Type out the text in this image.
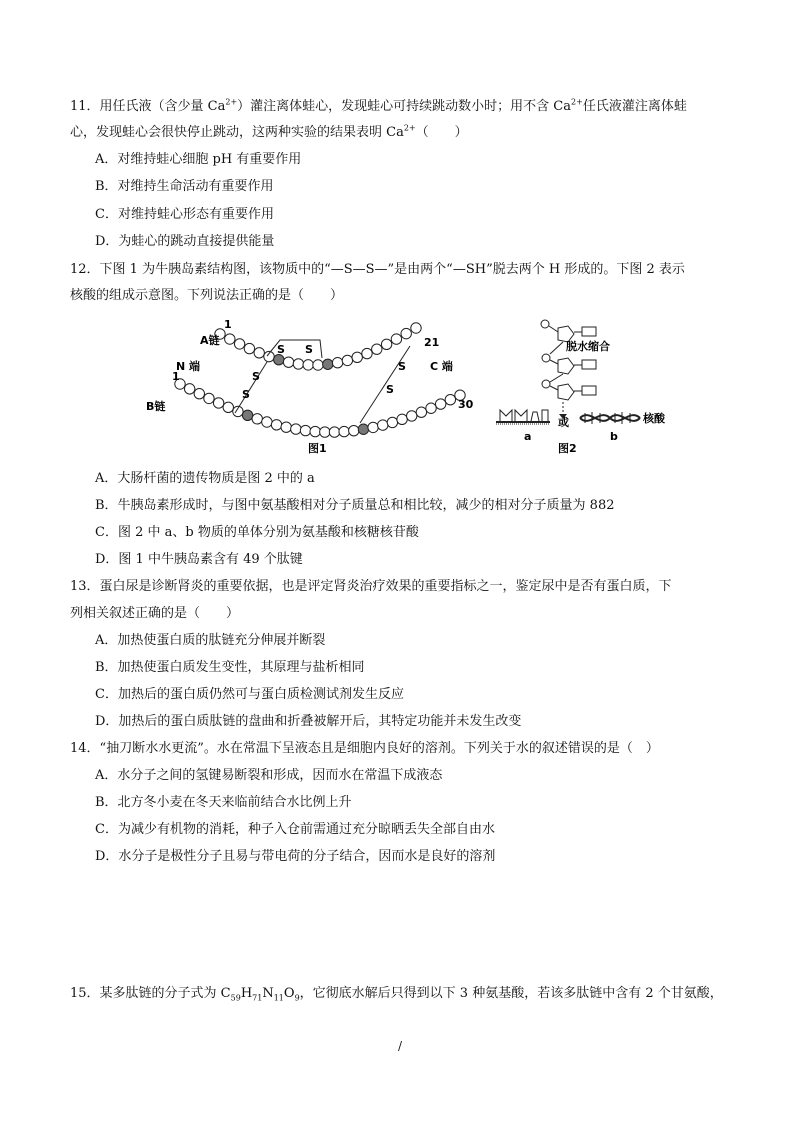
11．用任氏液（含少量 $Ca^{2+}$）灌注离体蛙心，发现蛙心可持续跳动数小时；用不含 $Ca^{2+}$任氏液灌注离体蛙
心，发现蛙心会很快停止跳动，这两种实验的结果表明 $Ca^{2+}$（　　）
A．对维持蛙心细胞 pH 有重要作用
B．对维持生命活动有重要作用
C．对维持蛙心形态有重要作用
D．为蛙心的跳动直接提供能量
12．下图 1 为牛胰岛素结构图，该物质中的“—S—S—”是由两个“—SH”脱去两个 H 形成的。下图 2 表示
核酸的组成示意图。下列说法正确的是（　　）
S S
S
S
S
S
1
A链
N 端
21
1
B链
C 端
30
图1
脱水缩合
或	核酸
a	b
图2
A．大肠杆菌的遗传物质是图 2 中的 a
B．牛胰岛素形成时，与图中氨基酸相对分子质量总和相比较，减少的相对分子质量为 882
C．图 2 中 a、b 物质的单体分别为氨基酸和核糖核苷酸
D．图 1 中牛胰岛素含有 49 个肽键
13．蛋白尿是诊断肾炎的重要依据，也是评定肾炎治疗效果的重要指标之一，鉴定尿中是否有蛋白质，下
列相关叙述正确的是（　　）
A．加热使蛋白质的肽链充分伸展并断裂
B．加热使蛋白质发生变性，其原理与盐析相同
C．加热后的蛋白质仍然可与蛋白质检测试剂发生反应
D．加热后的蛋白质肽链的盘曲和折叠被解开后，其特定功能并未发生改变
14．“抽刀断水水更流”。水在常温下呈液态且是细胞内良好的溶剂。下列关于水的叙述错误的是（　）
A．水分子之间的氢键易断裂和形成，因而水在常温下成液态
B．北方冬小麦在冬天来临前结合水比例上升
C．为减少有机物的消耗，种子入仓前需通过充分晾晒丢失全部自由水
D．水分子是极性分子且易与带电荷的分子结合，因而水是良好的溶剂
15．某多肽链的分子式为 $C_{59}H_{71}N_{11}O_9$，它彻底水解后只得到以下 3 种氨基酸，若该多肽链中含有 2 个甘氨酸，
/
